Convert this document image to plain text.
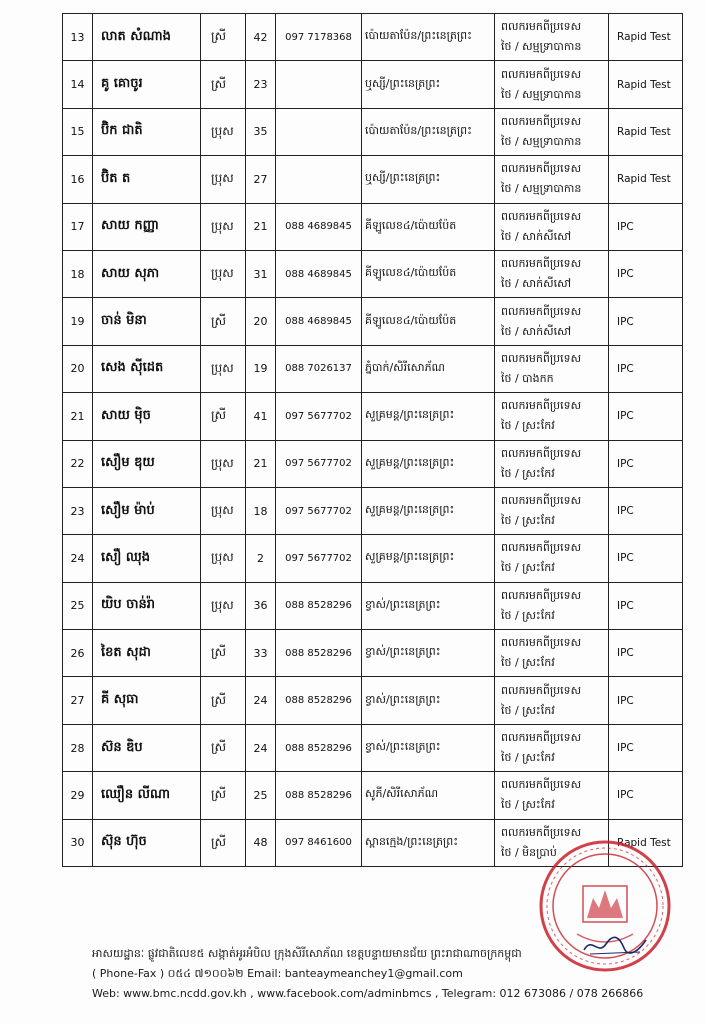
13	លាត សំណាង	ស្រី	42	097 7178368	ប៉ោយតាប៉ែន/ព្រះនេត្រព្រះ	ពលករមកពីប្រទេស
ថៃ / សម្មទ្រាបាកាន	Rapid Test
14	គូ គោចូរ	ស្រី	23		ឬស្សី/ព្រះនេត្រព្រះ	ពលករមកពីប្រទេស
ថៃ / សម្មទ្រាបាកាន	Rapid Test
15	ប៊ិក ជាតិ	ប្រុស	35		ប៉ោយតាប៉ែន/ព្រះនេត្រព្រះ	ពលករមកពីប្រទេស
ថៃ / សម្មទ្រាបាកាន	Rapid Test
16	ប៊ិត ត	ប្រុស	27		ឬស្សី/ព្រះនេត្រព្រះ	ពលករមកពីប្រទេស
ថៃ / សម្មទ្រាបាកាន	Rapid Test
17	សាយ កញ្ញា	ប្រុស	21	088 4689845	គីឡូលេខ៤/ប៉ោយប៉ែត	ពលករមកពីប្រទេស
ថៃ / សាក់សីសៅ	IPC
18	សាយ សុភា	ប្រុស	31	088 4689845	គីឡូលេខ៤/ប៉ោយប៉ែត	ពលករមកពីប្រទេស
ថៃ / សាក់សីសៅ	IPC
19	ចាន់ មិនា	ស្រី	20	088 4689845	គីឡូលេខ៤/ប៉ោយប៉ែត	ពលករមកពីប្រទេស
ថៃ / សាក់សីសៅ	IPC
20	សេង ស៊ីដេត	ប្រុស	19	088 7026137	ភ្នំបាក់/សិរីសោភ័ណ	ពលករមកពីប្រទេស
ថៃ / បាងកក	IPC
21	សាយ ម៉ិច	ស្រី	41	097 5677702	សួគ្រមន្ត/ព្រះនេត្រព្រះ	ពលករមកពីប្រទេស
ថៃ / ស្រះកែវ	IPC
22	សឿម ឌុយ	ប្រុស	21	097 5677702	សួគ្រមន្ត/ព្រះនេត្រព្រះ	ពលករមកពីប្រទេស
ថៃ / ស្រះកែវ	IPC
23	សឿម ម៉ាប់	ប្រុស	18	097 5677702	សួគ្រមន្ត/ព្រះនេត្រព្រះ	ពលករមកពីប្រទេស
ថៃ / ស្រះកែវ	IPC
24	សឿ ឈុង	ប្រុស	2	097 5677702	សួគ្រមន្ត/ព្រះនេត្រព្រះ	ពលករមកពីប្រទេស
ថៃ / ស្រះកែវ	IPC
25	យិប ចាន់រ៉ា	ប្រុស	36	088 8528296	ខ្វាស់/ព្រះនេត្រព្រះ	ពលករមកពីប្រទេស
ថៃ / ស្រះកែវ	IPC
26	ខៃត សុដា	ស្រី	33	088 8528296	ខ្វាស់/ព្រះនេត្រព្រះ	ពលករមកពីប្រទេស
ថៃ / ស្រះកែវ	IPC
27	គី សុធា	ស្រី	24	088 8528296	ខ្វាស់/ព្រះនេត្រព្រះ	ពលករមកពីប្រទេស
ថៃ / ស្រះកែវ	IPC
28	ស៊ន ឌិប	ស្រី	24	088 8528296	ខ្វាស់/ព្រះនេត្រព្រះ	ពលករមកពីប្រទេស
ថៃ / ស្រះកែវ	IPC
29	ឈឿន លីណា	ស្រី	25	088 8528296	សូភី/សិរីសោភ័ណ	ពលករមកពីប្រទេស
ថៃ / ស្រះកែវ	IPC
30	ស៊ុន ហ៊ុច	ស្រី	48	097 8461600	ស្ពានក្មេង/ព្រះនេត្រព្រះ	ពលករមកពីប្រទេស
ថៃ / មិនប្រាប់	Rapid Test
អាសយដ្ឋានៈ ផ្លូវជាតិលេខ៥ សង្កាត់អូរអំបិល ក្រុងសិរីសោភ័ណ ខេត្តបន្ទាយមានជ័យ ព្រះរាជាណាចក្រកម្ពុជា
( Phone-Fax ) ០៥៤ ៧១០០៦២ Email: banteaymeanchey1@gmail.com
Web: www.bmc.ncdd.gov.kh , www.facebook.com/adminbmcs , Telegram: 012 673086 / 078 266866
